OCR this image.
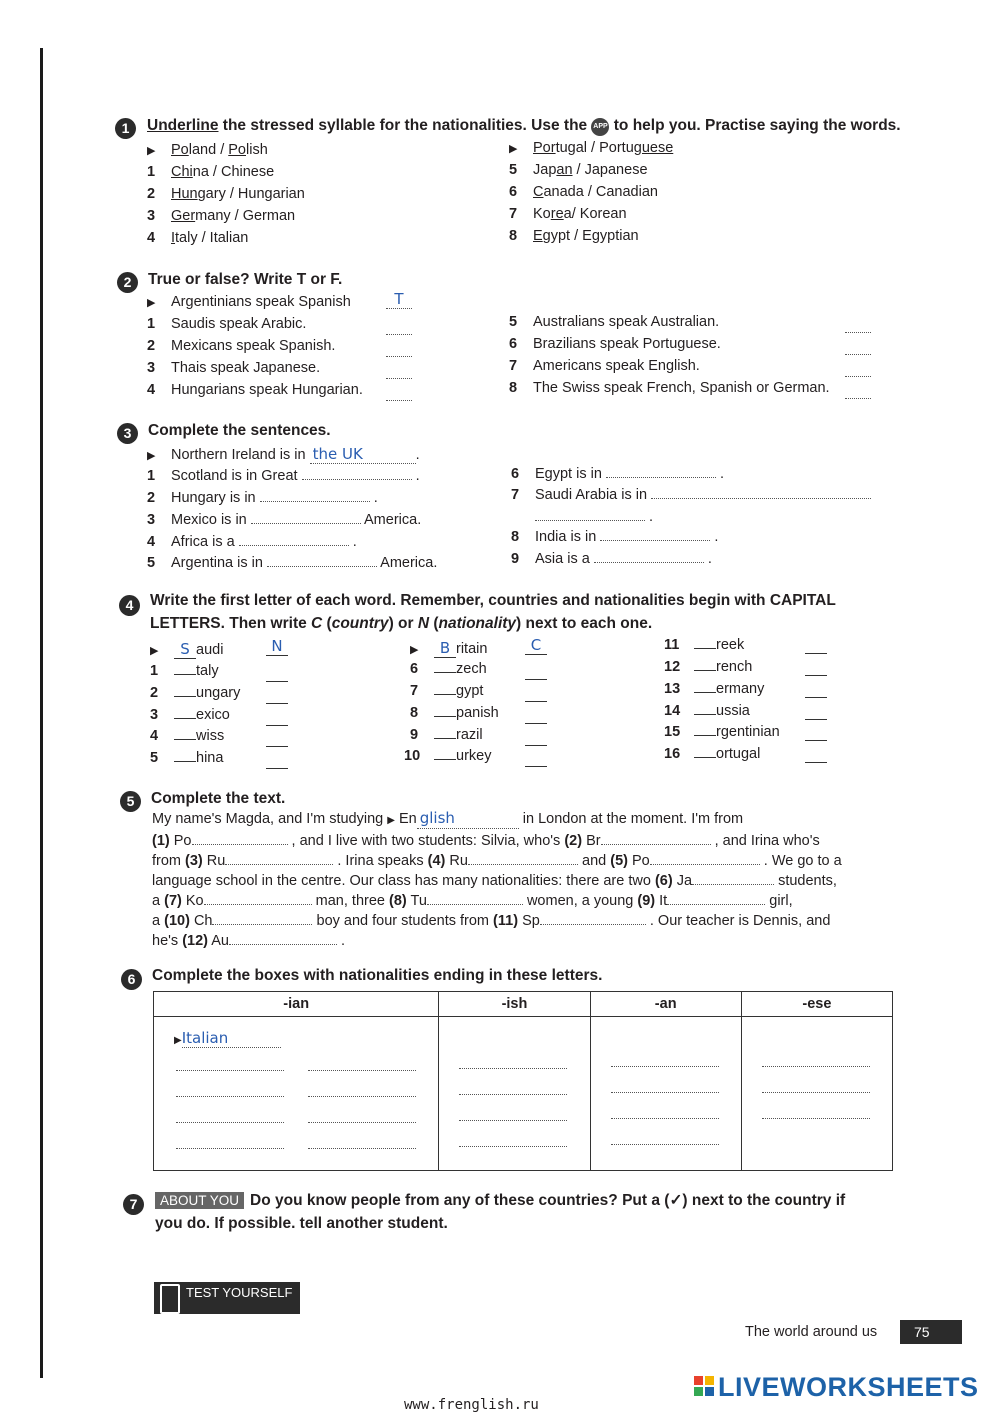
1	Underline the stressed syllable for the nationalities. Use the APP to help you. Practise saying the words.
▶ Poland / Polish
1 China / Chinese
2 Hungary / Hungarian
3 Germany / German
4 Italy / Italian
▶ Portugal / Portuguese
5 Japan / Japanese
6 Canada / Canadian
7 Korea/ Korean
8 Egypt / Egyptian
2	True or false? Write T or F.
▶ Argentinians speak Spanish	T
1 Saudis speak Arabic.
2 Mexicans speak Spanish.
3 Thais speak Japanese.
4 Hungarians speak Hungarian.
5 Australians speak Australian.
6 Brazilians speak Portuguese.
7 Americans speak English.
8 The Swiss speak French, Spanish or German.
3	Complete the sentences.
▶ Northern Ireland is in the UK	.
1 Scotland is in Great	.
2 Hungary is in	.
3 Mexico is in	America.
4 Africa is a	.
5 Argentina is in	America.
6 Egypt is in	.
7 Saudi Arabia is in
.
8 India is in	.
9 Asia is a	.
4	Write the first letter of each word. Remember, countries and nationalities begin with CAPITAL
LETTERS. Then write C (country) or N (nationality) next to each one.
▶ S audi	N
1	taly
2	ungary
3	exico
4	wiss
5	hina
▶ B ritain	C
6	zech
7	gypt
8	panish
9	razil
10 urkey
11	reek
12 rench
13 ermany
14 ussia
15 rgentinian
16 ortugal
5	Complete the text.
My name's Magda, and I'm studying ▶ En glish	in London at the moment. I'm from
(1) Po	, and I live with two students: Silvia, who's (2) Br	, and Irina who's
from (3) Ru	. Irina speaks (4) Ru	and (5) Po	. We go to a
language school in the centre. Our class has many nationalities: there are two (6) Ja	students,
a (7) Ko	man, three (8) Tu	women, a young (9) It	girl,
a (10) Ch	boy and four students from (11) Sp	. Our teacher is Dennis, and
he's (12) Au	.
6	Complete the boxes with nationalities ending in these letters.
-ian	-ish	-an	-ese

▶Italian			

7	ABOUT YOU Do you know people from any of these countries? Put a (✓) next to the country if
you do. If possible. tell another student.
TEST YOURSELF
The world around us	75
www.frenglish.ru
LIVEWORKSHEETS
